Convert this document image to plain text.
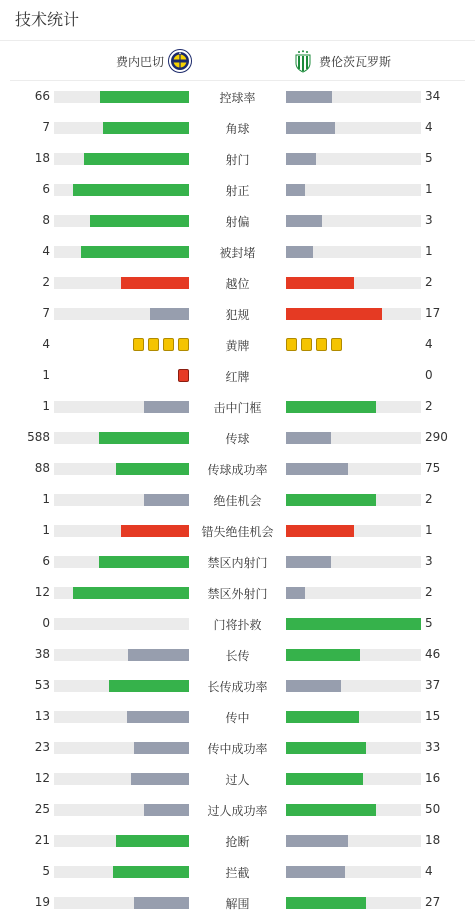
技术统计
费内巴切	费伦茨瓦罗斯
66	控球率	34
7	角球	4
18	射门	5
6	射正	1
8	射偏	3
4	被封堵	1
2	越位	2
7	犯规	17
4	黄牌	4
1	红牌	0
1	击中门框	2
588	传球	290
88	传球成功率	75
1	绝佳机会	2
1	错失绝佳机会	1
6	禁区内射门	3
12	禁区外射门	2
0	门将扑救	5
38	长传	46
53	长传成功率	37
13	传中	15
23	传中成功率	33
12	过人	16
25	过人成功率	50
21	抢断	18
5	拦截	4
19	解围	27
